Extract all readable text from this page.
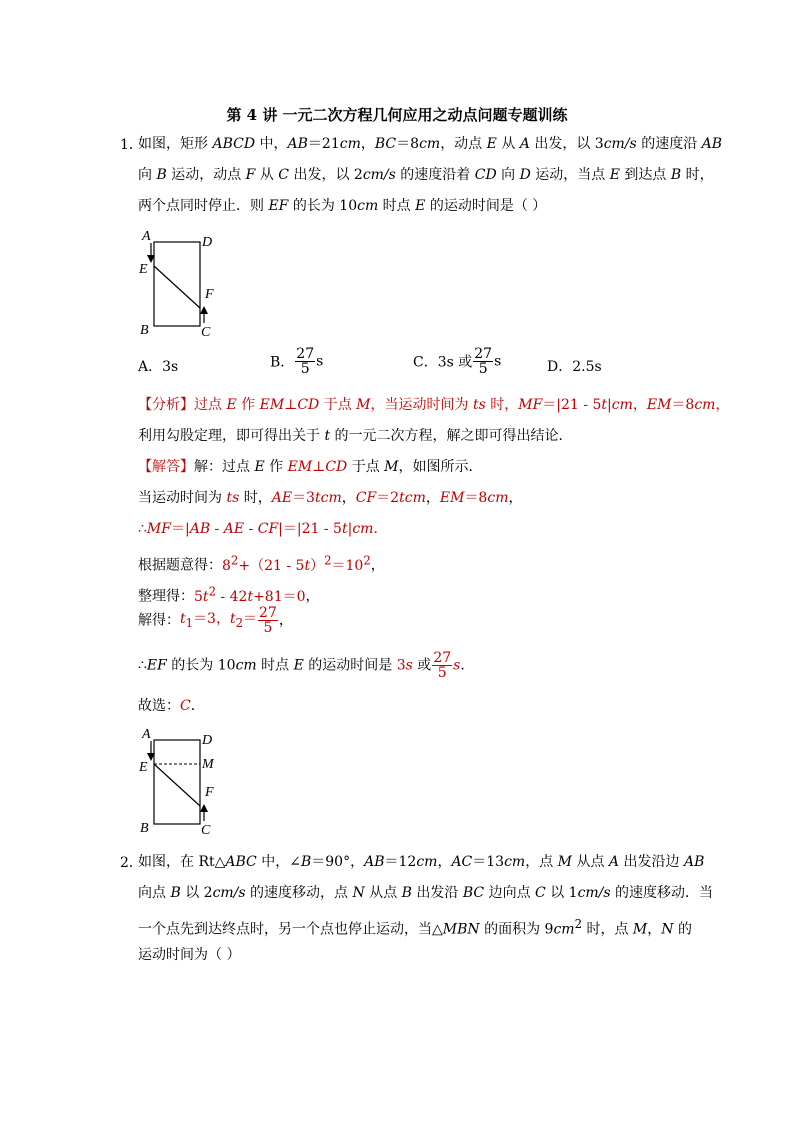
第 4 讲 一元二次方程几何应用之动点问题专题训练
1．
如图，矩形 ABCD 中，AB＝21cm，BC＝8cm，动点 E 从 A 出发，以 3cm/s 的速度沿 AB
向 B 运动，动点 F 从 C 出发，以 2cm/s 的速度沿着 CD 向 D 运动，当点 E 到达点 B 时，
两个点同时停止．则 EF 的长为 10cm 时点 E 的运动时间是（ ）
A	D
E
F
B	C
A．3s	B． $\frac{27}{5}$ s	C．3s 或 $\frac{27}{5}$ s	D．2.5s
【分析】过点 E 作 EM⊥CD 于点 M，当运动时间为 ts 时，MF＝|21 - 5t|cm，EM＝8cm，
利用勾股定理，即可得出关于 t 的一元二次方程，解之即可得出结论．
【解答】解：过点 E 作 EM⊥CD 于点 M，如图所示．
当运动时间为 ts 时，AE＝3tcm，CF＝2tcm，EM＝8cm，
∴MF＝|AB - AE - CF|＝|21 - 5t|cm．
根据题意得：$8^2+(21 - 5t)^2=10^2$，
整理得：$5t^2 - 42t+81=0$，
解得：$t_1=3$，$t_2= \frac{27}{5}$ ，
∴EF 的长为 10cm 时点 E 的运动时间是 3s 或 $\frac{27}{5}$ s．
故选：C．
A	D
E	M
F
B	C
2．
如图，在 Rt△ABC 中，∠B＝90°，AB＝12cm，AC＝13cm，点 M 从点 A 出发沿边 AB
向点 B 以 2cm/s 的速度移动，点 N 从点 B 出发沿 BC 边向点 C 以 1cm/s 的速度移动．当
一个点先到达终点时，另一个点也停止运动，当△MBN 的面积为 $9cm^2$ 时，点 M，N 的
运动时间为（ ）
